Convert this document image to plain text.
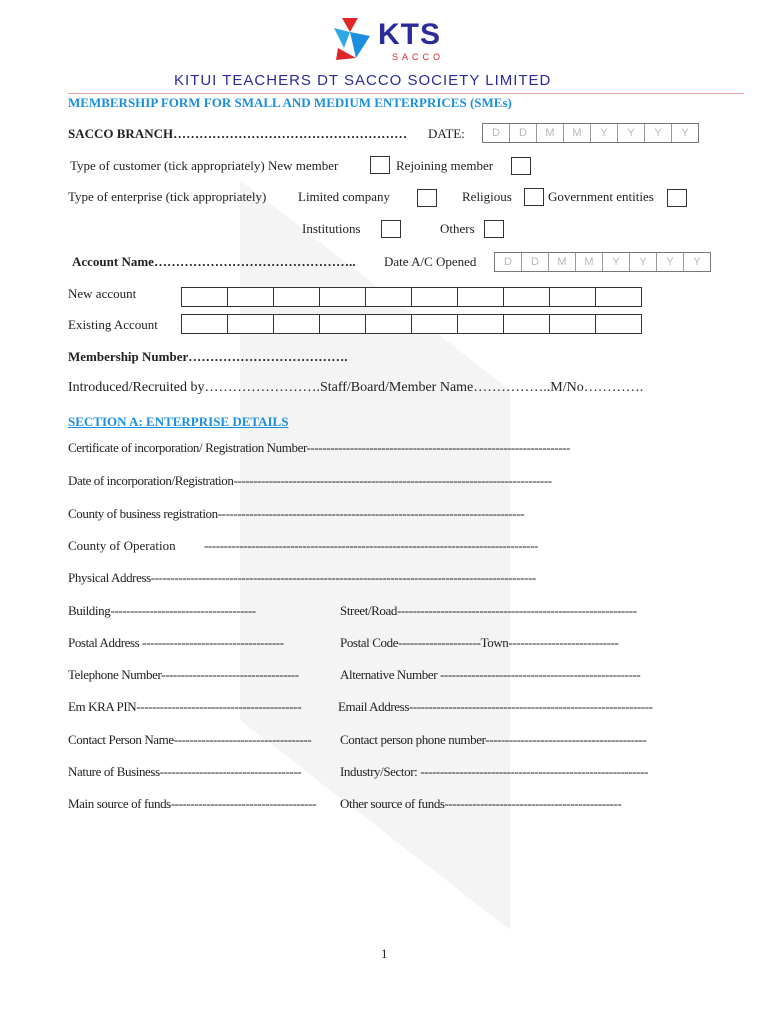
KTS
SACCO
KITUI TEACHERS DT SACCO SOCIETY LIMITED
MEMBERSHIP FORM FOR SMALL AND MEDIUM ENTERPRICES (SMEs)
SACCO BRANCH……………………………………………… DATE:	D	D	M	M	Y	Y	Y	Y
Type of customer (tick appropriately) New member	Rejoining member
Type of enterprise (tick appropriately) Limited company	Religious	Government entities
Institutions	Others
Account Name……………………………………….. Date A/C Opened	D	D	M	M	Y	Y	Y	Y
New account
Existing Account
Membership Number……………………………….
Introduced/Recruited by…………………….Staff/Board/Member Name……………..M/No………….
SECTION A: ENTERPRISE DETAILS
Certificate of incorporation/ Registration Number-------------------------------------------------------------------
Date of incorporation/Registration---------------------------------------------------------------------------------
County of business registration------------------------------------------------------------------------------
County of Operation -------------------------------------------------------------------------------------
Physical Address--------------------------------------------------------------------------------------------------
Building-------------------------------------	Street/Road-------------------------------------------------------------
Postal Address ------------------------------------	Postal Code---------------------Town----------------------------
Telephone Number-----------------------------------	Alternative Number ---------------------------------------------------
Em KRA PIN------------------------------------------	Email Address--------------------------------------------------------------
Contact Person Name----------------------------------- Contact person phone number-----------------------------------------
Nature of Business------------------------------------	Industry/Sector: ----------------------------------------------------------
Main source of funds------------------------------------- Other source of funds---------------------------------------------
1
